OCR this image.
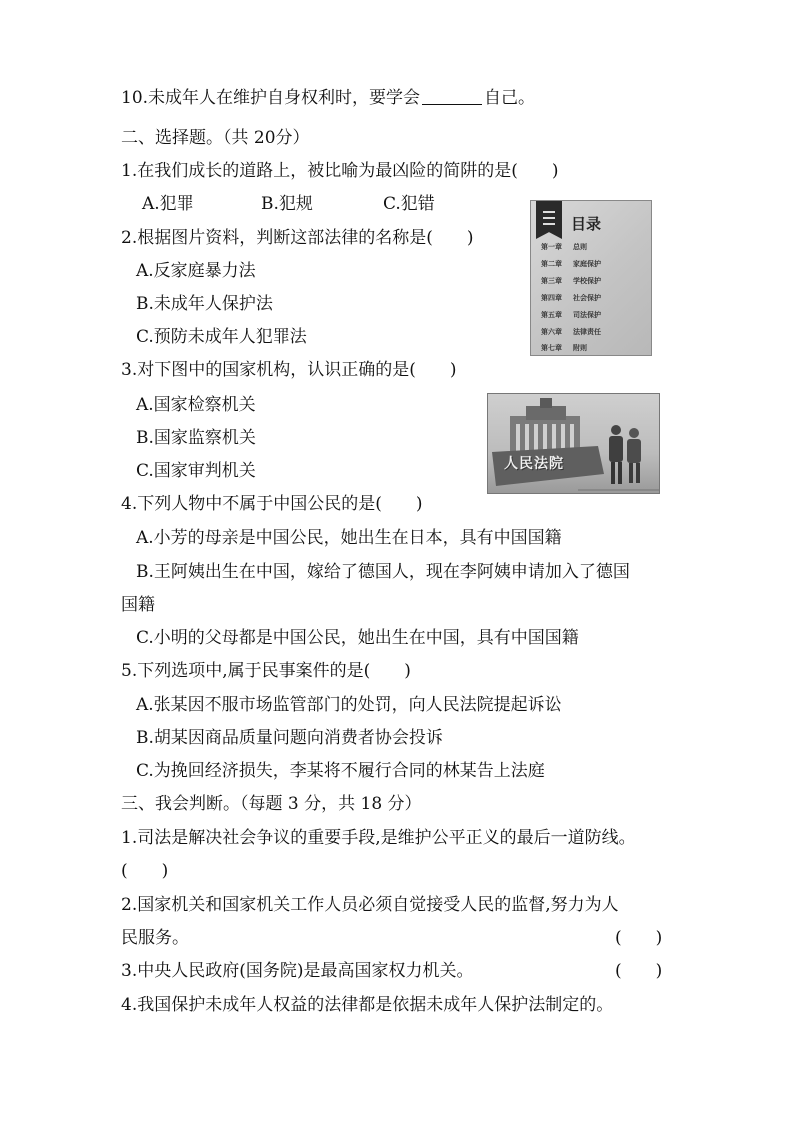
10.未成年人在维护自身权利时，要学会	自己。
二、选择题。（共 20分）
1.在我们成长的道路上，被比喻为最凶险的简阱的是(　　)
A.犯罪	B.犯规	C.犯错
2.根据图片资料，判断这部法律的名称是(　　)
A.反家庭暴力法
B.未成年人保护法
C.预防未成年人犯罪法
3.对下图中的国家机构，认识正确的是(　　)
A.国家检察机关
B.国家监察机关
C.国家审判机关
4.下列人物中不属于中国公民的是(　　)
A.小芳的母亲是中国公民，她出生在日本，具有中国国籍
B.王阿姨出生在中国，嫁给了德国人，现在李阿姨申请加入了德国
国籍
C.小明的父母都是中国公民，她出生在中国，具有中国国籍
5.下列选项中,属于民事案件的是(　　)
A.张某因不服市场监管部门的处罚，向人民法院提起诉讼
B.胡某因商品质量问题向消费者协会投诉
C.为挽回经济损失，李某将不履行合同的林某告上法庭
三、我会判断。（每题 3 分，共 18 分）
1.司法是解决社会争议的重要手段,是维护公平正义的最后一道防线。
(　　)
2.国家机关和国家机关工作人员必须自觉接受人民的监督,努力为人
民服务。	(　　)
3.中央人民政府(国务院)是最高国家权力机关。	(　　)
4.我国保护未成年人权益的法律都是依据未成年人保护法制定的。
目录
第一章 总则
第二章 家庭保护
第三章 学校保护
第四章 社会保护
第五章 司法保护
第六章 法律责任
第七章 附则
人民法院
